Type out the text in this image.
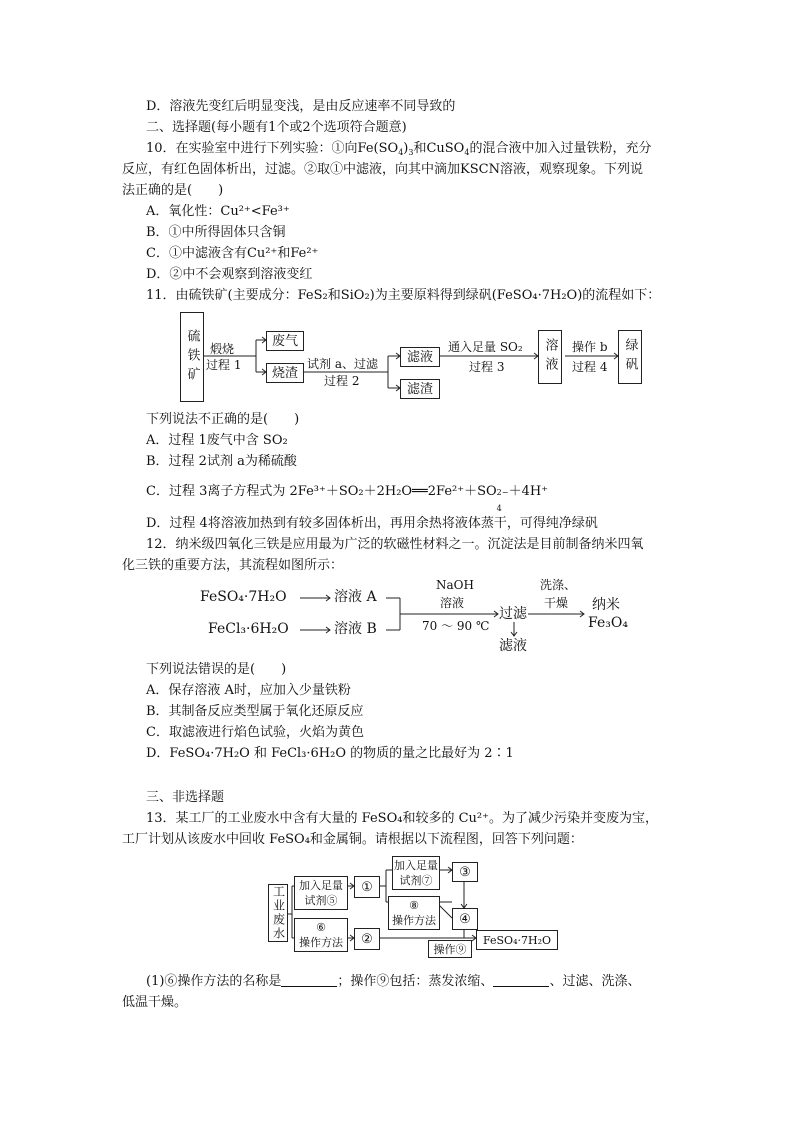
D．溶液先变红后明显变浅，是由反应速率不同导致的
二、选择题(每小题有1个或2个选项符合题意)
10．在实验室中进行下列实验：①向$Fe(SO_4)_3$和CuSO$_4$的混合液中加入过量铁粉，充分
反应，有红色固体析出，过滤。②取①中滤液，向其中滴加KSCN溶液，观察现象。下列说
法正确的是(　　)
A．氧化性：Cu²⁺<Fe³⁺
B．①中所得固体只含铜
C．①中滤液含有Cu²⁺和Fe²⁺
D．②中不会观察到溶液变红
11．由硫铁矿(主要成分：FeS₂和SiO₂)为主要原料得到绿矾(FeSO₄·7H₂O)的流程如下：
硫铁矿 煅烧
过程 1
废气
烧渣
试剂 a、过滤
过程 2
滤液
滤渣
通入足量 SO₂
过程 3	溶液	操作 b
过程 4	绿矾
下列说法不正确的是(　　)
A．过程 1废气中含 SO₂
B．过程 2试剂 a为稀硫酸
C．过程 3离子方程式为 2Fe³⁺＋SO₂＋2H₂O══2Fe²⁺＋SO 2−
4
＋4H⁺
D．过程 4将溶液加热到有较多固体析出，再用余热将液体蒸干，可得纯净绿矾
12．纳米级四氧化三铁是应用最为广泛的软磁性材料之一。沉淀法是目前制备纳米四氧
化三铁的重要方法，其流程如图所示：
FeSO₄·7H₂O	溶液 A
FeCl₃·6H₂O	溶液 B
NaOH
溶液
70 ～ 90 ℃
过滤
滤液
洗涤、
干燥 纳米
Fe₃O₄
下列说法错误的是(　　)
A．保存溶液 A时，应加入少量铁粉
B．其制备反应类型属于氧化还原反应
C．取滤液进行焰色试验，火焰为黄色
D．FeSO₄·7H₂O 和 FeCl₃·6H₂O 的物质的量之比最好为 2∶1
三、非选择题
13．某工厂的工业废水中含有大量的 FeSO₄和较多的 Cu²⁺。为了减少污染并变废为宝，
工厂计划从该废水中回收 FeSO₄和金属铜。请根据以下流程图，回答下列问题：
工业废水 加入足量
试剂⑤
①
加入足量
试剂⑦
③
⑥
操作方法	②
⑧
操作方法	④
操作⑨
FeSO₄·7H₂O
(1)⑥操作方法的名称是	；操作⑨包括：蒸发浓缩、	、过滤、洗涤、
低温干燥。
